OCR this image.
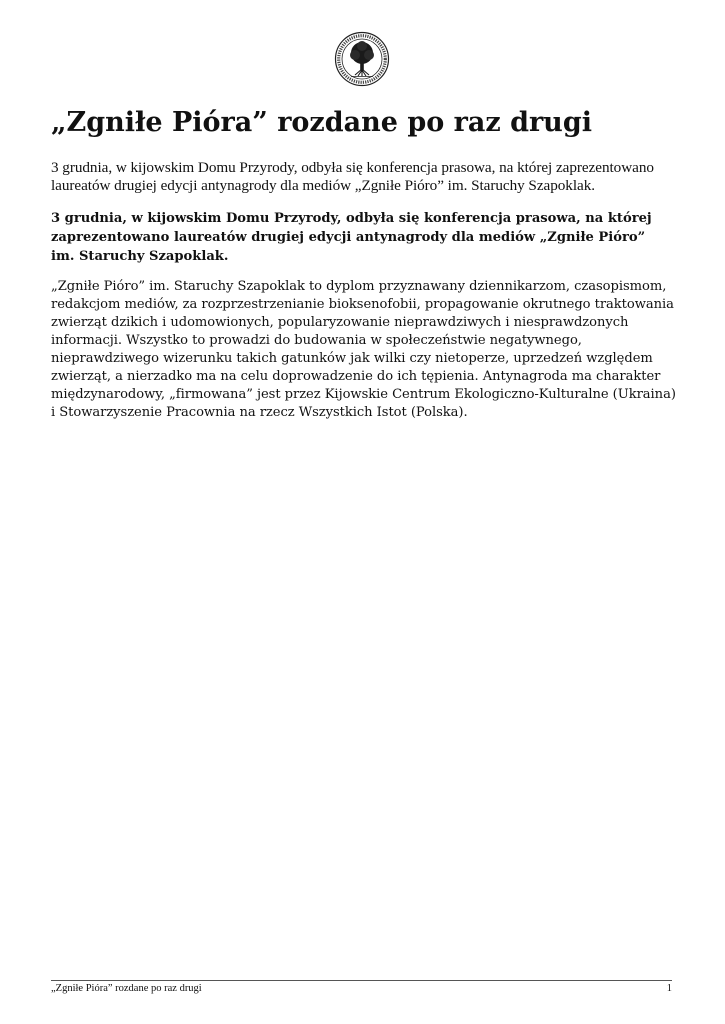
„Zgniłe Pióra” rozdane po raz drugi

3 grudnia, w kijowskim Domu Przyrody, odbyła się konferencja prasowa, na której zaprezentowano laureatów drugiej edycji antynagrody dla mediów „Zgniłe Pióro” im. Staruchy Szapoklak.

3 grudnia, w kijowskim Domu Przyrody, odbyła się konferencja prasowa, na której zaprezentowano laureatów drugiej edycji antynagrody dla mediów „Zgniłe Pióro” im. Staruchy Szapoklak.

„Zgniłe Pióro” im. Staruchy Szapoklak to dyplom przyznawany dziennikarzom, czasopismom, redakcjom mediów, za rozprzestrzenianie bioksenofobii, propagowanie okrutnego traktowania zwierząt dzikich i udomowionych, popularyzowanie nieprawdziwych i niesprawdzonych informacji. Wszystko to prowadzi do budowania w społeczeństwie negatywnego, nieprawdziwego wizerunku takich gatunków jak wilki czy nietoperze, uprzedzeń względem zwierząt, a nierzadko ma na celu doprowadzenie do ich tępienia. Antynagroda ma charakter międzynarodowy, „firmowana” jest przez Kijowskie Centrum Ekologiczno-Kulturalne (Ukraina) i Stowarzyszenie Pracownia na rzecz Wszystkich Istot (Polska).

„Zgniłe Pióra” rozdane po raz drugi	1
